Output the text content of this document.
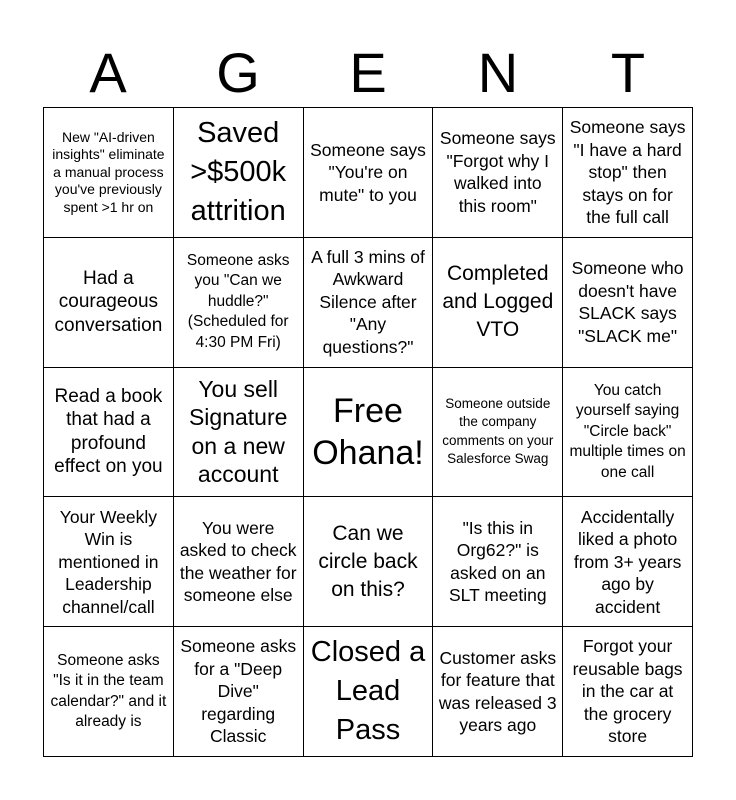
A	G	E	N	T
New "AI-driven insights" eliminate a manual process you've previously spent >1 hr on
Saved >$500k attrition
Someone says "You're on mute" to you
Someone says "Forgot why I walked into this room"
Someone says "I have a hard stop" then stays on for the full call
Had a courageous conversation
Someone asks you "Can we huddle?" (Scheduled for 4:30 PM Fri)
A full 3 mins of Awkward Silence after "Any questions?"
Completed and Logged VTO
Someone who doesn't have SLACK says "SLACK me"
Read a book that had a profound effect on you
You sell Signature on a new account
Free Ohana!
Someone outside the company comments on your Salesforce Swag
You catch yourself saying "Circle back" multiple times on one call
Your Weekly Win is mentioned in Leadership channel/call
You were asked to check the weather for someone else
Can we circle back on this?
"Is this in Org62?" is asked on an SLT meeting
Accidentally liked a photo from 3+ years ago by accident
Someone asks "Is it in the team calendar?" and it already is
Someone asks for a "Deep Dive" regarding Classic
Closed a Lead Pass
Customer asks for feature that was released 3 years ago
Forgot your reusable bags in the car at the grocery store
